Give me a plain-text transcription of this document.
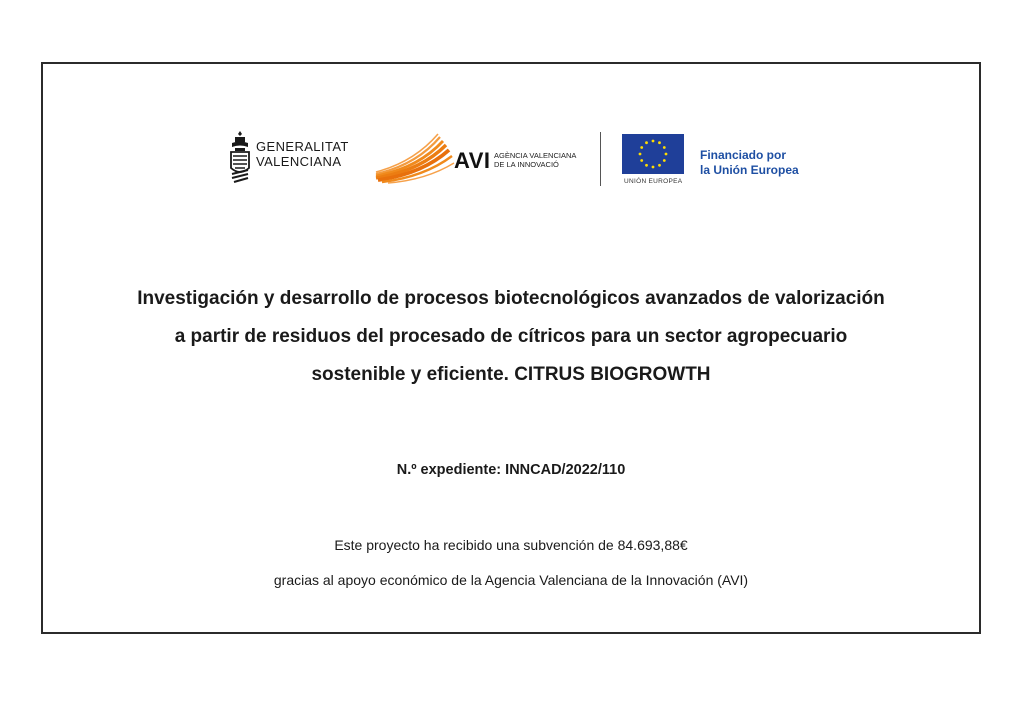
GENERALITAT
VALENCIANA	AVI AGÈNCIA VALENCIANA
DE LA INNOVACIÓ
UNIÓN EUROPEA
Financiado por
la Unión Europea
Investigación y desarrollo de procesos biotecnológicos avanzados de valorización
a partir de residuos del procesado de cítricos para un sector agropecuario
sostenible y eficiente. CITRUS BIOGROWTH
N.º expediente: INNCAD/2022/110
Este proyecto ha recibido una subvención de 84.693,88€
gracias al apoyo económico de la Agencia Valenciana de la Innovación (AVI)
